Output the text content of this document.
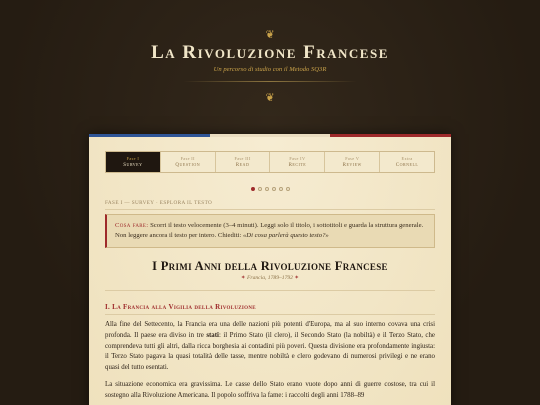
❦
La Rivoluzione Francese
Un percorso di studio con il Metodo SQ3R
❦
Fase I
Survey
Fase II
Question
Fase III
Read
Fase IV
Recite
Fase V
Review
Extra
Cornell
FASE I — SURVEY · ESPLORA IL TESTO
Cosa fare: Scorri il testo velocemente (3–4 minuti). Leggi solo il titolo, i sottotitoli e guarda la struttura generale. Non leggere ancora il testo per intero. Chiediti: «Di cosa parlerà questo testo?»
I Primi Anni della Rivoluzione Francese
✶ Francia, 1789–1792 ✶
I. La Francia alla Vigilia della Rivoluzione

Alla fine del Settecento, la Francia era una delle nazioni più potenti d'Europa, ma al suo interno covava una crisi profonda. Il paese era diviso in tre stati: il Primo Stato (il clero), il Secondo Stato (la nobiltà) e il Terzo Stato, che comprendeva tutti gli altri, dalla ricca borghesia ai contadini più poveri. Questa divisione era profondamente ingiusta: il Terzo Stato pagava la quasi totalità delle tasse, mentre nobiltà e clero godevano di numerosi privilegi e ne erano quasi del tutto esentati.

La situazione economica era gravissima. Le casse dello Stato erano vuote dopo anni di guerre costose, tra cui il sostegno alla Rivoluzione Americana. Il popolo soffriva la fame: i raccolti degli anni 1788–89
